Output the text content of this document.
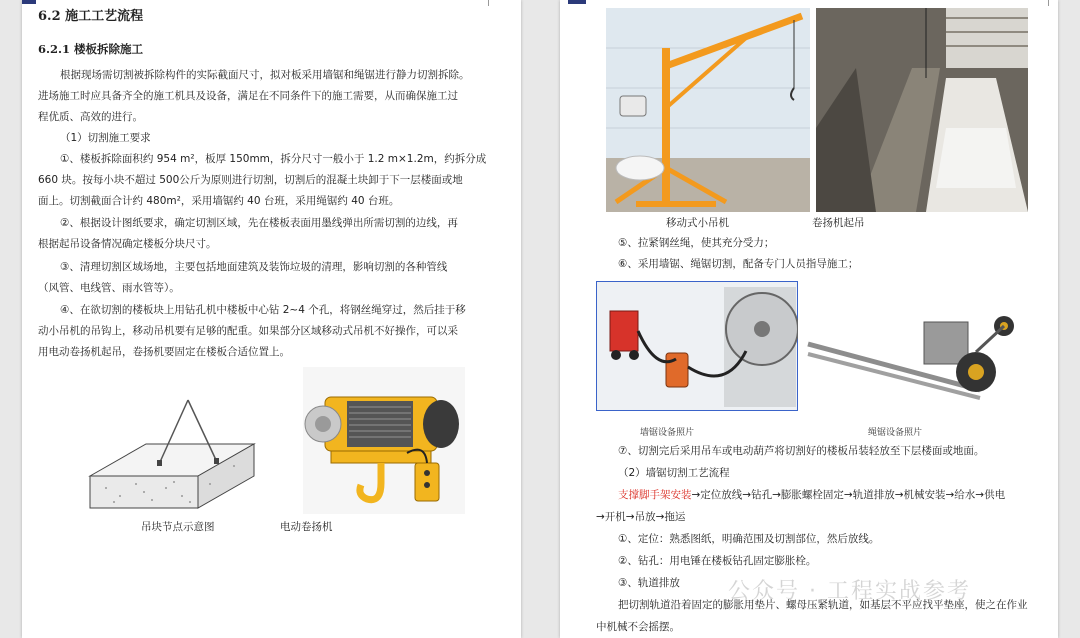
6.2 施工工艺流程
6.2.1 楼板拆除施工
根据现场需切割被拆除构件的实际截面尺寸，拟对板采用墙锯和绳锯进行静力切割拆除。
进场施工时应具备齐全的施工机具及设备，满足在不同条件下的施工需要，从而确保施工过
程优质、高效的进行。
（1）切割施工要求
①、楼板拆除面积约 954 m²，板厚 150mm，拆分尺寸一般小于 1.2 m×1.2m，约拆分成
660 块。按每小块不超过 500公斤为原则进行切割，切割后的混凝土块卸于下一层楼面或地
面上。切割截面合计约 480m²，采用墙锯约 40 台班，采用绳锯约 40 台班。
②、根据设计图纸要求，确定切割区域，先在楼板表面用墨线弹出所需切割的边线，再
根据起吊设备情况确定楼板分块尺寸。
③、清理切割区域场地，主要包括地面建筑及装饰垃圾的清理，影响切割的各种管线
（风管、电线管、雨水管等）。
④、在欲切割的楼板块上用钻孔机中楼板中心钻 2~4 个孔，将钢丝绳穿过，然后挂于移
动小吊机的吊钩上，移动吊机要有足够的配重。如果部分区域移动式吊机不好操作，可以采
用电动卷扬机起吊，卷扬机要固定在楼板合适位置上。
吊块节点示意图	电动卷扬机
移动式小吊机	卷扬机起吊
⑤、拉紧钢丝绳，使其充分受力；
⑥、采用墙锯、绳锯切割，配备专门人员指导施工；
墙锯设备照片	绳锯设备照片
⑦、切割完后采用吊车或电动葫芦将切割好的楼板吊装轻放至下层楼面或地面。
（2）墙锯切割工艺流程
支撑脚手架安装→定位放线→钻孔→膨胀螺栓固定→轨道排放→机械安装→给水→供电
→开机→吊放→拖运
①、定位：熟悉图纸，明确范围及切割部位，然后放线。
②、钻孔：用电锤在楼板钻孔固定膨胀栓。
③、轨道排放
把切割轨道沿着固定的膨胀用垫片、螺母压紧轨道，如基层不平应找平垫座，使之在作业
中机械不会摇摆。
公众号 · 工程实战参考
